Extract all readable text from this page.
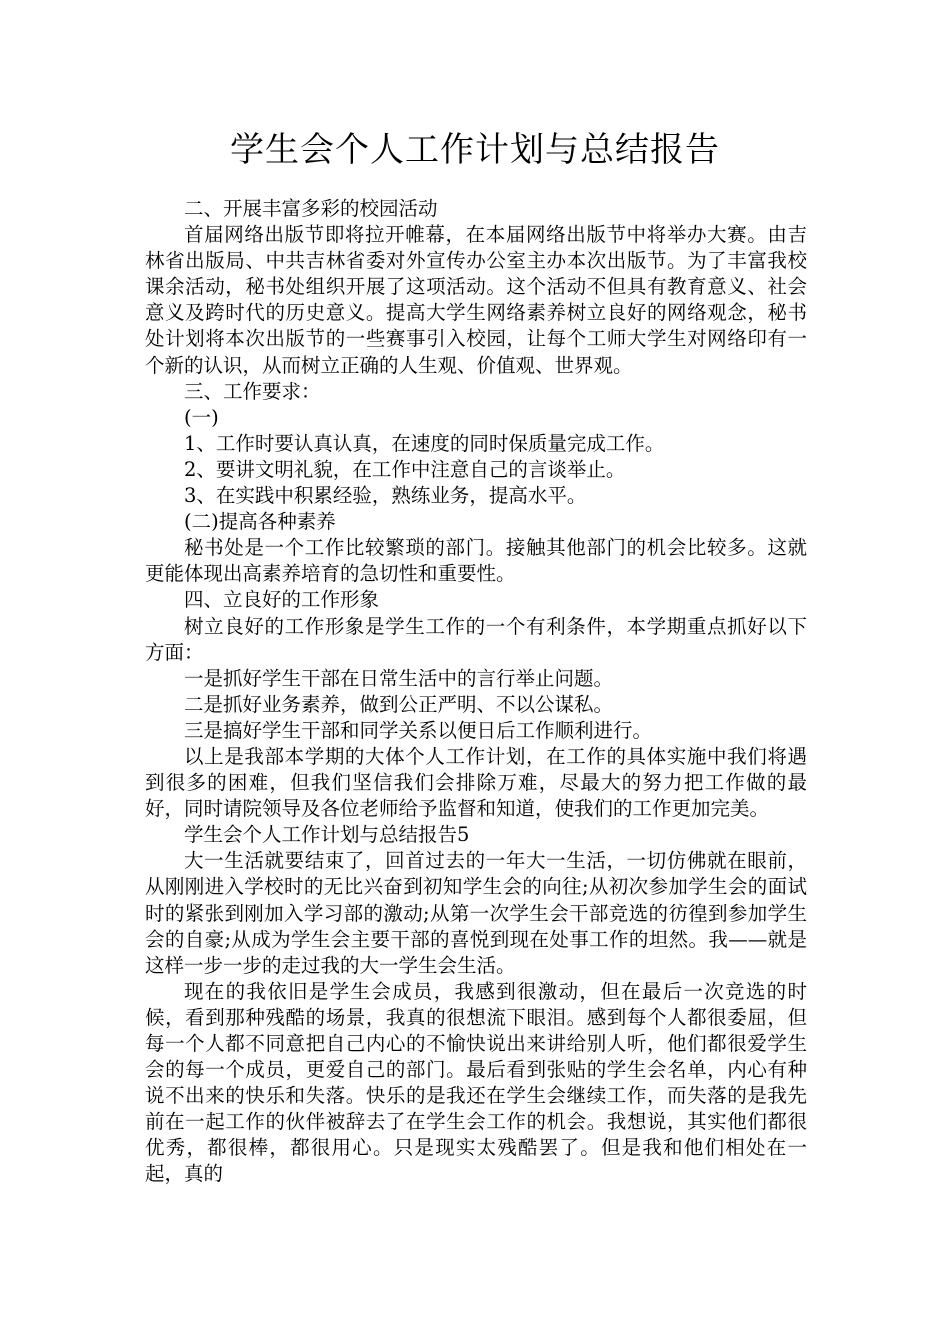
学生会个人工作计划与总结报告

二、开展丰富多彩的校园活动

首届网络出版节即将拉开帷幕，在本届网络出版节中将举办大赛。由吉林省出版局、中共吉林省委对外宣传办公室主办本次出版节。为了丰富我校课余活动，秘书处组织开展了这项活动。这个活动不但具有教育意义、社会意义及跨时代的历史意义。提高大学生网络素养树立良好的网络观念，秘书处计划将本次出版节的一些赛事引入校园，让每个工师大学生对网络印有一个新的认识，从而树立正确的人生观、价值观、世界观。

三、工作要求：

(一)

1、工作时要认真认真，在速度的同时保质量完成工作。

2、要讲文明礼貌，在工作中注意自己的言谈举止。

3、在实践中积累经验，熟练业务，提高水平。

(二)提高各种素养

秘书处是一个工作比较繁琐的部门。接触其他部门的机会比较多。这就更能体现出高素养培育的急切性和重要性。

四、立良好的工作形象

树立良好的工作形象是学生工作的一个有利条件，本学期重点抓好以下方面：

一是抓好学生干部在日常生活中的言行举止问题。

二是抓好业务素养，做到公正严明、不以公谋私。

三是搞好学生干部和同学关系以便日后工作顺利进行。

以上是我部本学期的大体个人工作计划，在工作的具体实施中我们将遇到很多的困难，但我们坚信我们会排除万难，尽最大的努力把工作做的最好，同时请院领导及各位老师给予监督和知道，使我们的工作更加完美。

学生会个人工作计划与总结报告5

大一生活就要结束了，回首过去的一年大一生活，一切仿佛就在眼前，从刚刚进入学校时的无比兴奋到初知学生会的向往;从初次参加学生会的面试时的紧张到刚加入学习部的激动;从第一次学生会干部竞选的彷徨到参加学生会的自豪;从成为学生会主要干部的喜悦到现在处事工作的坦然。我——就是这样一步一步的走过我的大一学生会生活。

现在的我依旧是学生会成员，我感到很激动，但在最后一次竞选的时候，看到那种残酷的场景，我真的很想流下眼泪。感到每个人都很委屈，但每一个人都不同意把自己内心的不愉快说出来讲给别人听，他们都很爱学生会的每一个成员，更爱自己的部门。最后看到张贴的学生会名单，内心有种说不出来的快乐和失落。快乐的是我还在学生会继续工作，而失落的是我先前在一起工作的伙伴被辞去了在学生会工作的机会。我想说，其实他们都很优秀，都很棒，都很用心。只是现实太残酷罢了。但是我和他们相处在一起，真的
